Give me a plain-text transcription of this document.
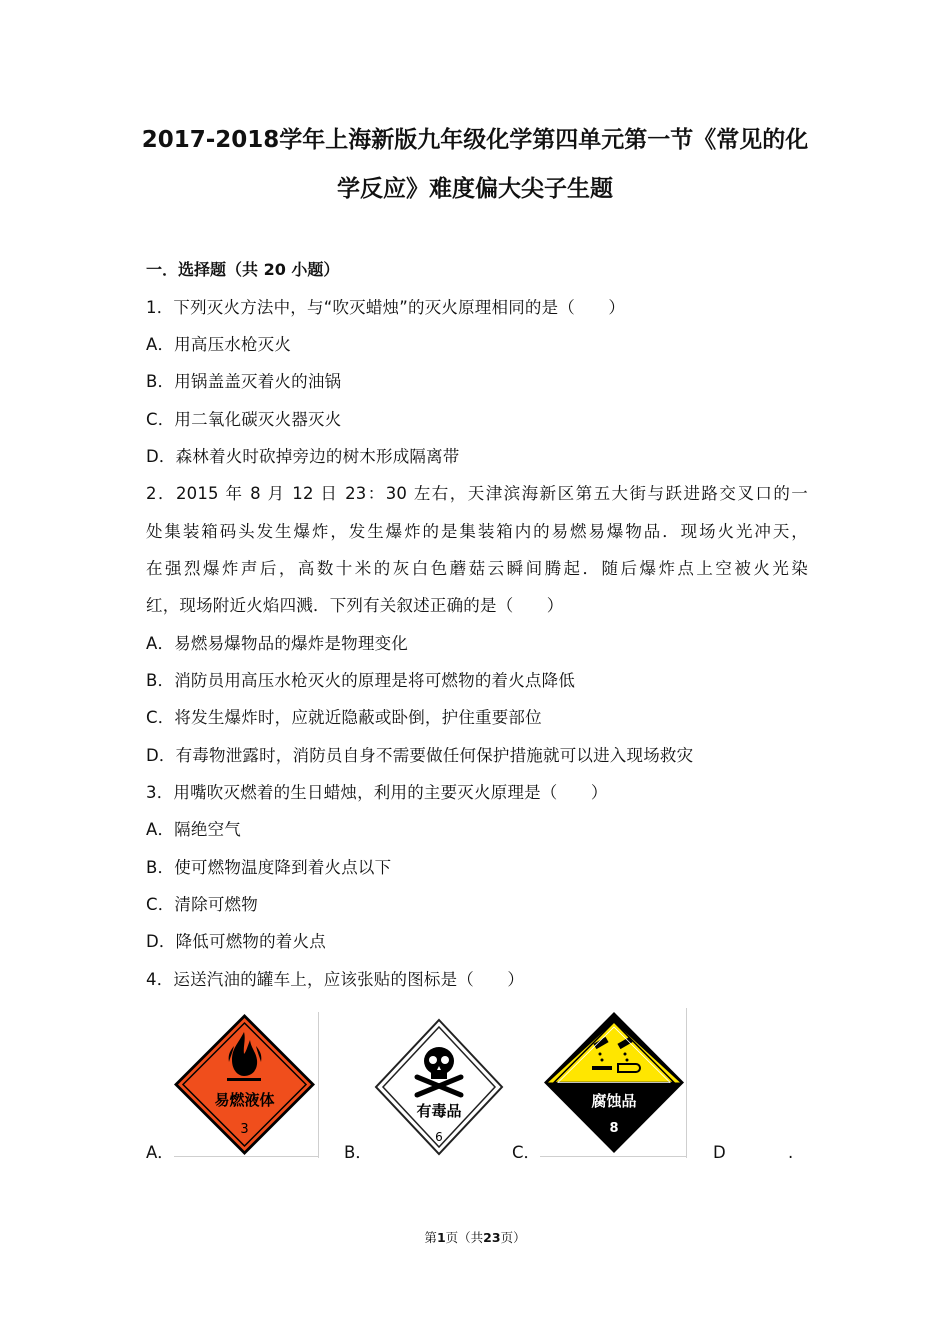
2017-2018学年上海新版九年级化学第四单元第一节《常见的化
学反应》难度偏大尖子生题
一．选择题（共 20 小题）
1．下列灭火方法中，与“吹灭蜡烛”的灭火原理相同的是（　　）
A．用高压水枪灭火
B．用锅盖盖灭着火的油锅
C．用二氧化碳灭火器灭火
D．森林着火时砍掉旁边的树木形成隔离带
2．2015 年 8 月 12 日 23：30 左右，天津滨海新区第五大街与跃进路交叉口的一
处集装箱码头发生爆炸，发生爆炸的是集装箱内的易燃易爆物品．现场火光冲天，
在强烈爆炸声后，高数十米的灰白色蘑菇云瞬间腾起．随后爆炸点上空被火光染
红，现场附近火焰四溅．下列有关叙述正确的是（　　）
A．易燃易爆物品的爆炸是物理变化
B．消防员用高压水枪灭火的原理是将可燃物的着火点降低
C．将发生爆炸时，应就近隐蔽或卧倒，护住重要部位
D．有毒物泄露时，消防员自身不需要做任何保护措施就可以进入现场救灾
3．用嘴吹灭燃着的生日蜡烛，利用的主要灭火原理是（　　）
A．隔绝空气
B．使可燃物温度降到着火点以下
C．清除可燃物
D．降低可燃物的着火点
4．运送汽油的罐车上，应该张贴的图标是（　　）
A．	B．	C．	D	.
易燃液体
3
有毒品
6
腐蚀品
8
第1页（共23页）
